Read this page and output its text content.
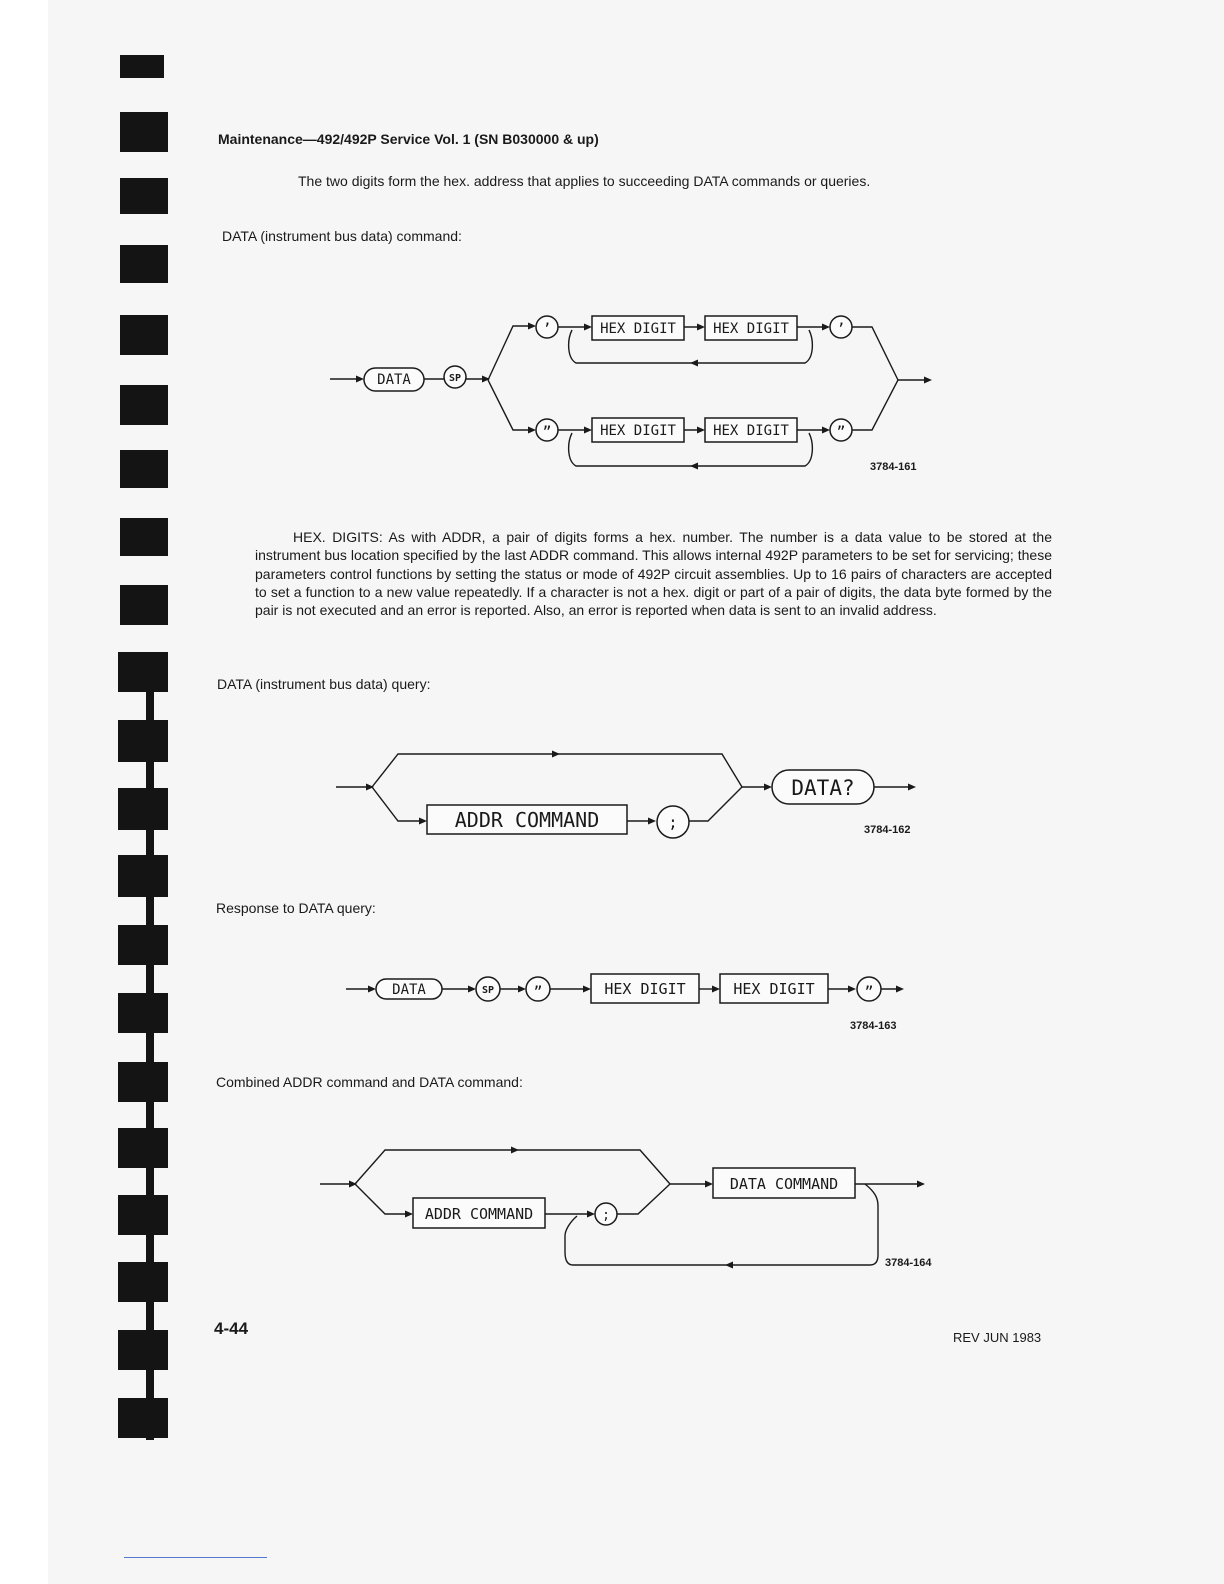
Maintenance—492/492P Service Vol. 1 (SN B030000 & up)

The two digits form the hex. address that applies to succeeding DATA commands or queries.

DATA (instrument bus data) command:

DATA	SP
’	HEX DIGIT	HEX DIGIT	’
”	HEX DIGIT	HEX DIGIT	”
3784-161

HEX. DIGITS: As with ADDR, a pair of digits forms a hex. number. The number is a data value to be stored at the instrument bus location specified by the last ADDR command. This allows internal 492P parameters to be set for servicing; these parameters control functions by setting the status or mode of 492P circuit assemblies. Up to 16 pairs of characters are accepted to set a function to a new value repeatedly. If a character is not a hex. digit or part of a pair of digits, the data byte formed by the pair is not executed and an error is reported. Also, an error is reported when data is sent to an invalid address.

DATA (instrument bus data) query:

ADDR COMMAND	;
DATA?
3784-162

Response to DATA query:

DATA	SP	”	HEX DIGIT	HEX DIGIT	”
3784-163

Combined ADDR command and DATA command:

ADDR COMMAND	;
DATA COMMAND
3784-164

4-44	REV JUN 1983
